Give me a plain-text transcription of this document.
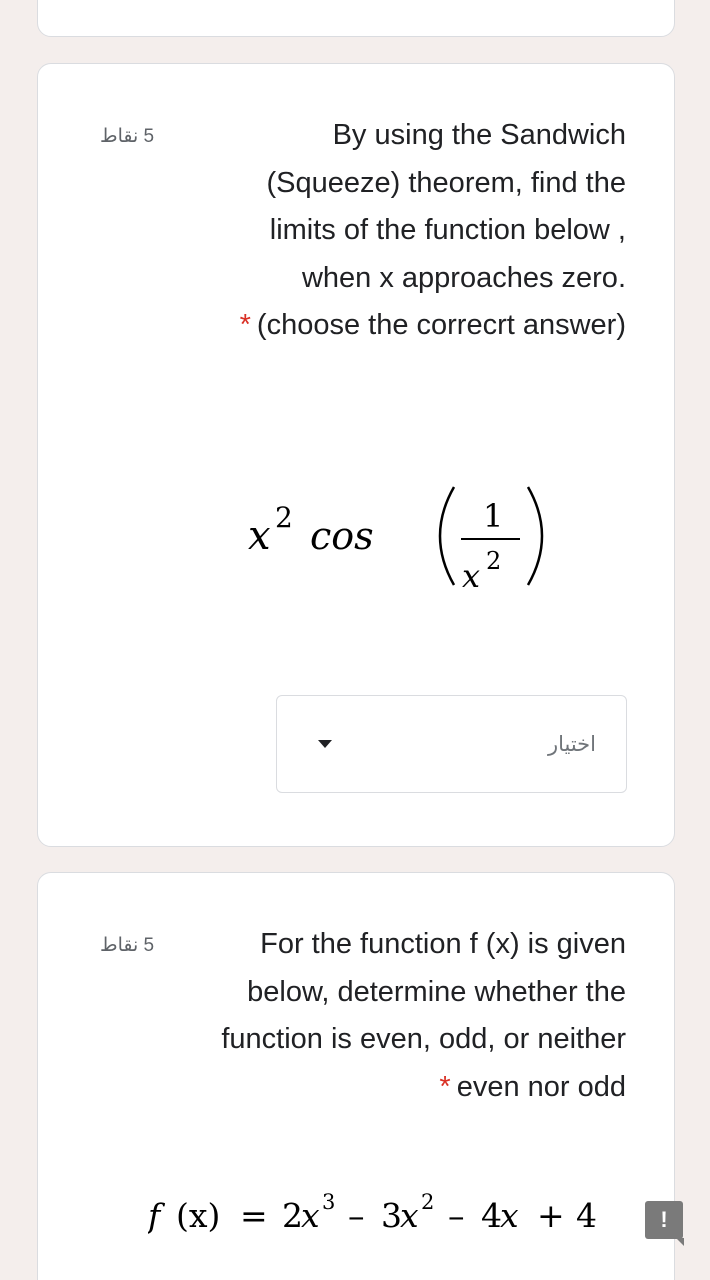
5 نقاط	By using the Sandwich
(Squeeze) theorem, find the
limits of the function below ,
when x approaches zero.
* (choose the correcrt answer)
x 2 cos	1
x 2
اختيار
5 نقاط	For the function f (x) is given
below, determine whether the
function is even, odd, or neither
* even nor odd
f (x) = 2
x 3 – 3
x 2 – 4
x + 4	!
